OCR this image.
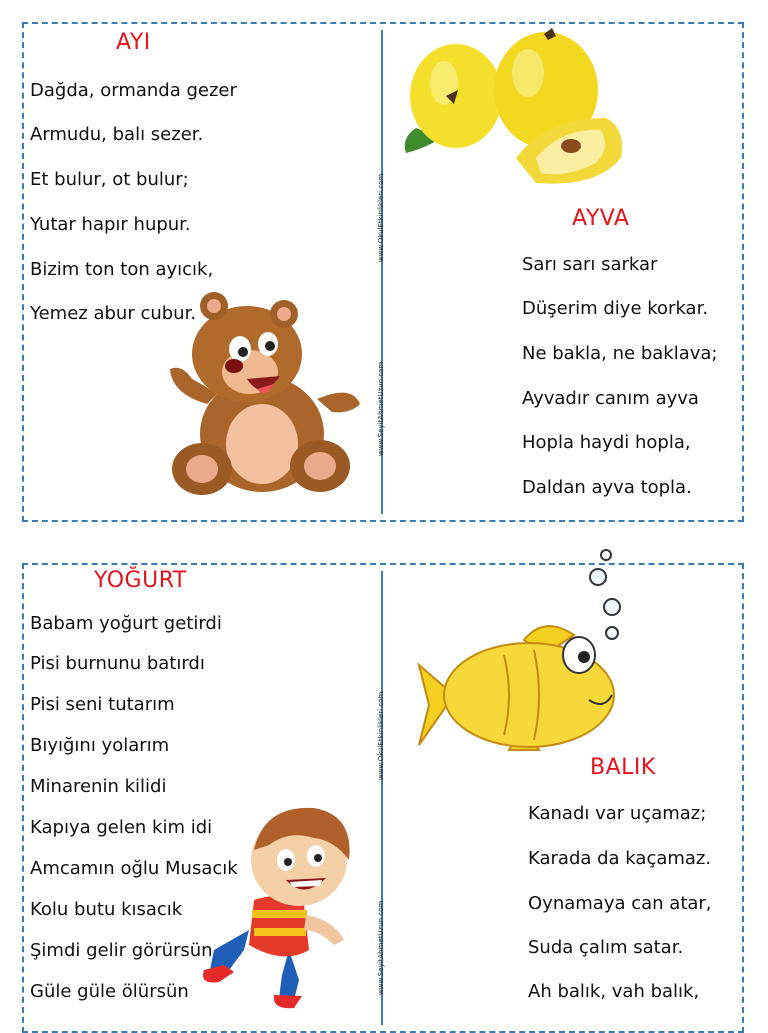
www.OkulEtkinlikleri.com
www.SeyitAhmetUzun.com
AYI
Dağda, ormanda gezer
Armudu, balı sezer.
Et bulur, ot bulur;
Yutar hapır hupur.
Bizim ton ton ayıcık,
Yemez abur cubur.
AYVA
Sarı sarı sarkar
Düşerim diye korkar.
Ne bakla, ne baklava;
Ayvadır canım ayva
Hopla haydi hopla,
Daldan ayva topla.
www.OkulEtkinlikleri.com
www.SeyitAhmetUzun.com
YOĞURT
Babam yoğurt getirdi
Pisi burnunu batırdı
Pisi seni tutarım
Bıyığını yolarım
Minarenin kilidi
Kapıya gelen kim idi
Amcamın oğlu Musacık
Kolu butu kısacık
Şimdi gelir görürsün
Güle güle ölürsün
BALIK
Kanadı var uçamaz;
Karada da kaçamaz.
Oynamaya can atar,
Suda çalım satar.
Ah balık, vah balık,
